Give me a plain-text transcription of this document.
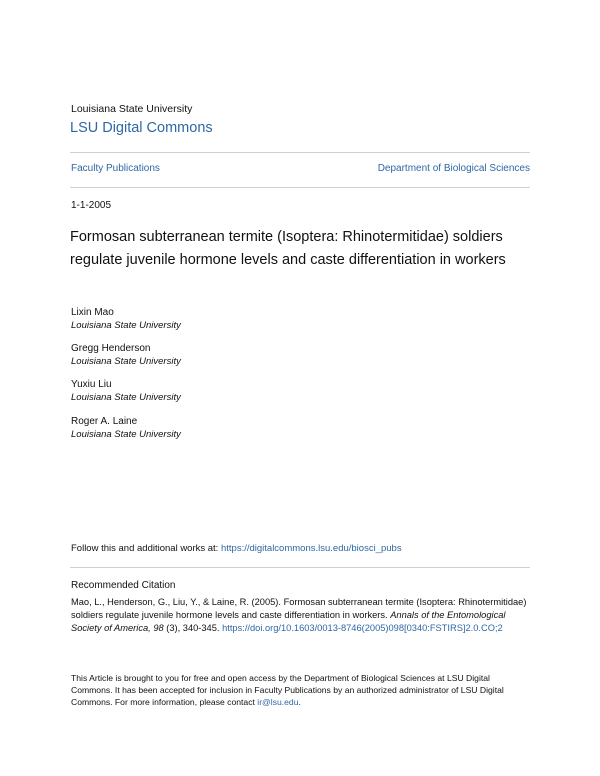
Louisiana State University
LSU Digital Commons
Faculty Publications	Department of Biological Sciences
1-1-2005
Formosan subterranean termite (Isoptera: Rhinotermitidae) soldiers regulate juvenile hormone levels and caste differentiation in workers
Lixin Mao
Louisiana State University
Gregg Henderson
Louisiana State University
Yuxiu Liu
Louisiana State University
Roger A. Laine
Louisiana State University
Follow this and additional works at: https://digitalcommons.lsu.edu/biosci_pubs
Recommended Citation
Mao, L., Henderson, G., Liu, Y., & Laine, R. (2005). Formosan subterranean termite (Isoptera: Rhinotermitidae) soldiers regulate juvenile hormone levels and caste differentiation in workers. Annals of the Entomological Society of America, 98 (3), 340-345. https://doi.org/10.1603/0013-8746(2005)098[0340:FSTIRS]2.0.CO;2
This Article is brought to you for free and open access by the Department of Biological Sciences at LSU Digital Commons. It has been accepted for inclusion in Faculty Publications by an authorized administrator of LSU Digital Commons. For more information, please contact ir@lsu.edu.
